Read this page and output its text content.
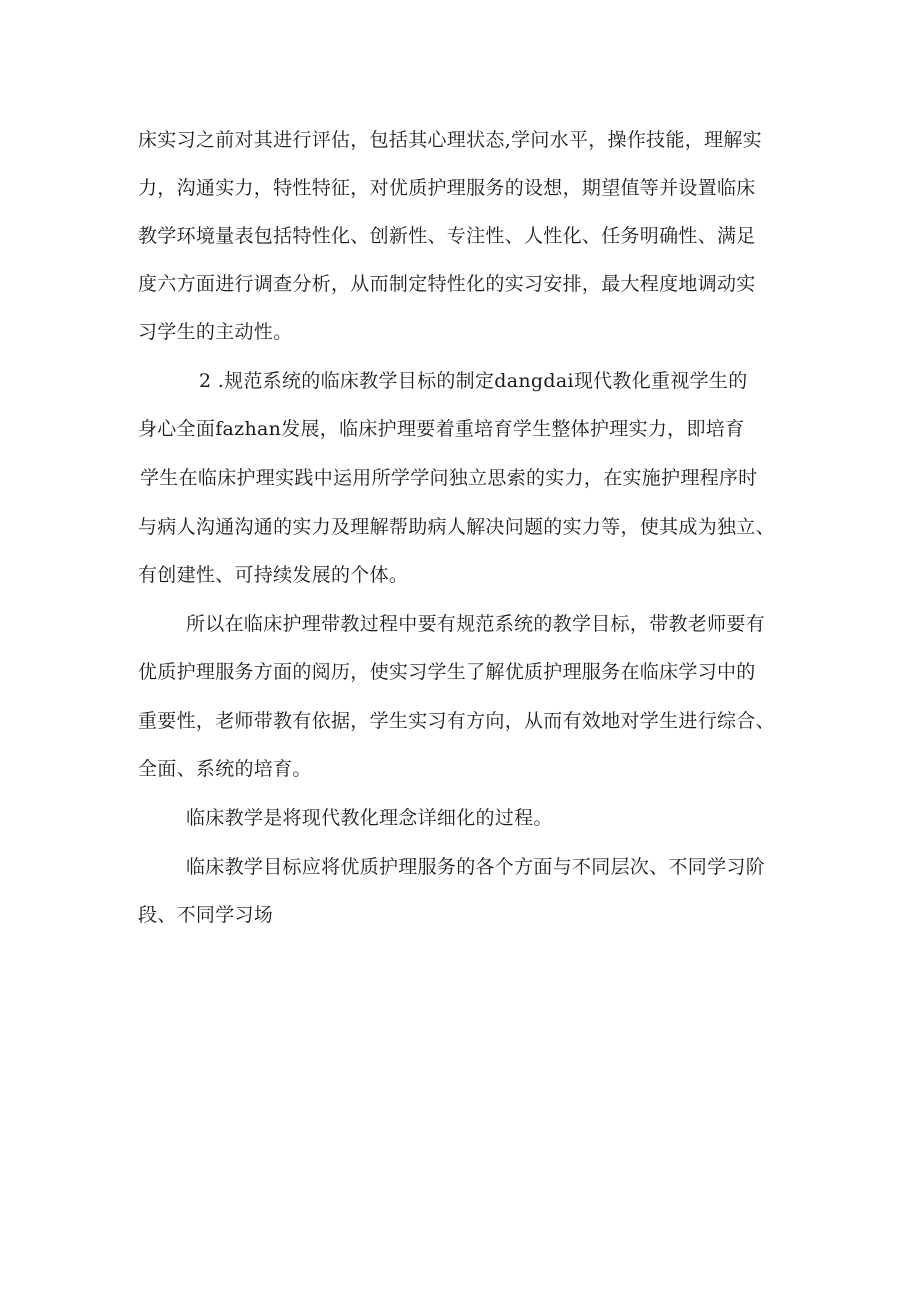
床实习之前对其进行评估，包括其心理状态,学问水平，操作技能，理解实
力，沟通实力，特性特征，对优质护理服务的设想，期望值等并设置临床
教学环境量表包括特性化、创新性、专注性、人性化、任务明确性、满足
度六方面进行调查分析，从而制定特性化的实习安排，最大程度地调动实
习学生的主动性。
2 .规范系统的临床教学目标的制定dangdai现代教化重视学生的
身心全面fazhan发展，临床护理要着重培育学生整体护理实力，即培育
学生在临床护理实践中运用所学学问独立思索的实力，在实施护理程序时
与病人沟通沟通的实力及理解帮助病人解决问题的实力等，使其成为独立、
有创建性、可持续发展的个体。
所以在临床护理带教过程中要有规范系统的教学目标，带教老师要有
优质护理服务方面的阅历，使实习学生了解优质护理服务在临床学习中的
重要性，老师带教有依据，学生实习有方向，从而有效地对学生进行综合、
全面、系统的培育。
临床教学是将现代教化理念详细化的过程。
临床教学目标应将优质护理服务的各个方面与不同层次、不同学习阶
段、不同学习场
